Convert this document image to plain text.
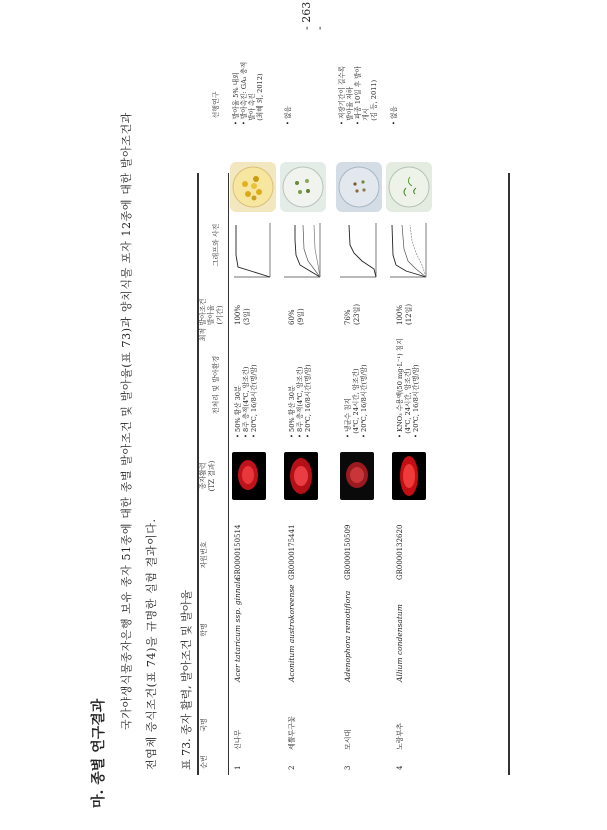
마. 종별 연구결과
국가야생식물종자은행 보유 종자 51종에 대한 종별 발아조건 및 발아율(표 73)과 양치식물 포자 12종에 대한 발아조건과 전엽체 증식조건(표 74)을 규명한 실험 결과이다. 표 73. 종자 활력, 발아조건 및 발아율 순번
국명
학명
자원번호
종자활력
(TZ 결과)
최적 발아조건
전처리 및 발아환경
발아율
(기간)
그래프와 사진
선행연구
1
신나무
Acer tataricum ssp. ginnala
GR0000150514
• 50% 황산 30분
• 8주 층적(4℃, 암조건)
• 20℃, 16/8시간(명/암)
100%
(3일)
• 발아율 5% 내외
• 발아촉진: GA₃ 충적 발아 촉진 (최혜 외, 2012)
2
세뿔투구꽃
Aconitum austrokoreense
GR0000175441
• 50% 황산 30분
• 8주 층적(4℃, 암조건)
• 20℃, 16/8시간(명/암)
60%
(9일)
• 없음
3
모시대
Adenophora remotiflora
GR0000150509
• 냉균수 침지 (4℃, 24시간, 암조건)
• 20℃, 16/8시간(명/암)
76%
(23일)
• 저장기간이 길수록 발아율 저하
• 파종 10일 후 발아 개시 (김 등, 2011)
4
노랑부추
Allium condensatum
GR0000132620
• KNO₃ 수용액(50 mg·L⁻¹) 침지 (4℃, 24시간, 암조건)
• 20℃, 16/8시간(명/암)
100%
(12일)
• 없음
- 263 -
